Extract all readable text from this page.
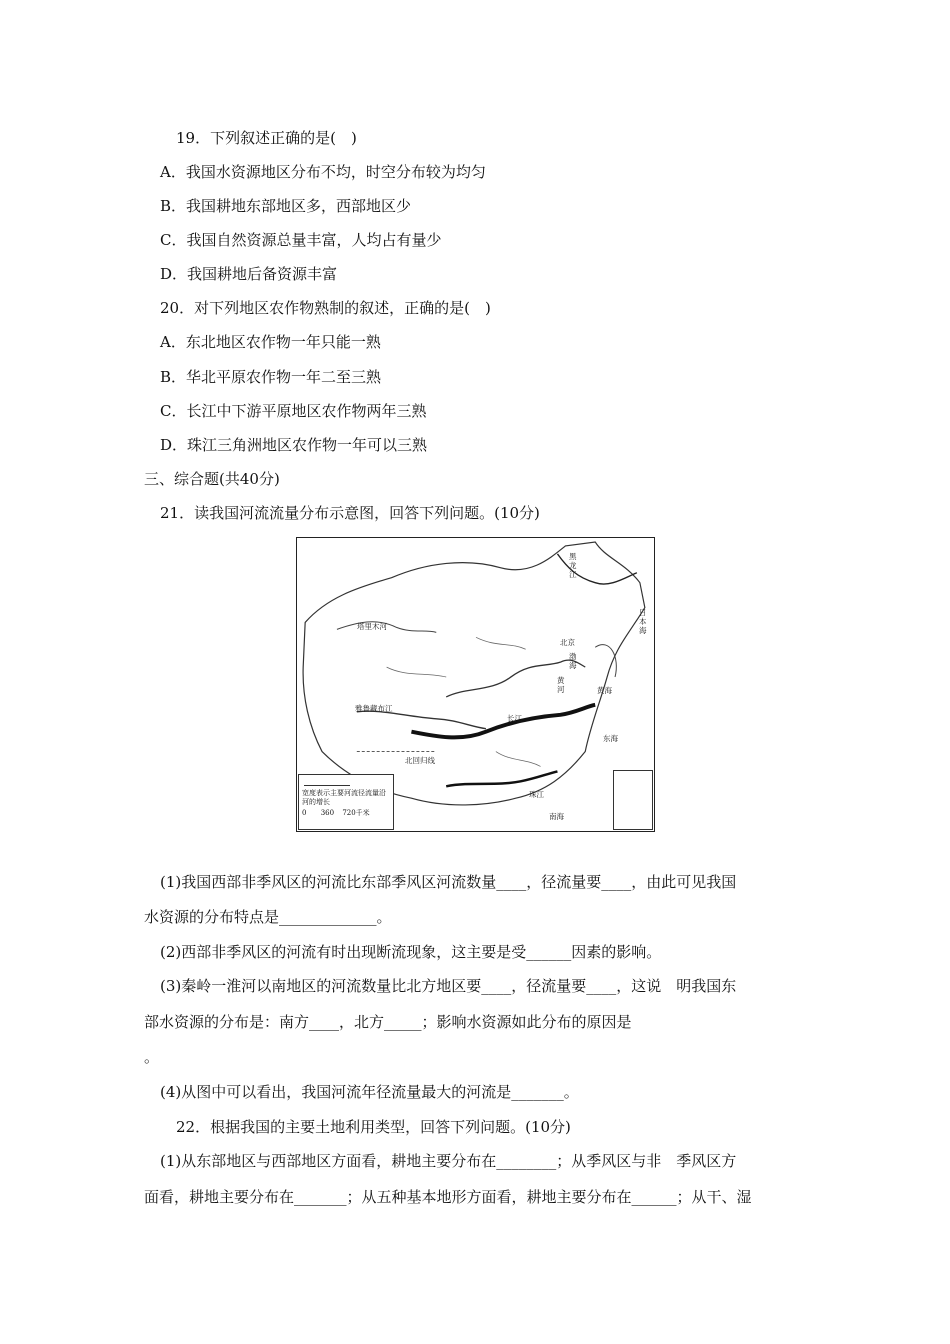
19．下列叙述正确的是(　)
A．我国水资源地区分布不均，时空分布较为均匀
B．我国耕地东部地区多，西部地区少
C．我国自然资源总量丰富，人均占有量少
D．我国耕地后备资源丰富
20．对下列地区农作物熟制的叙述，正确的是(　)
A．东北地区农作物一年只能一熟
B．华北平原农作物一年二至三熟
C．长江中下游平原地区农作物两年三熟
D．珠江三角洲地区农作物一年可以三熟
三、综合题(共40分)
21．读我国河流流量分布示意图，回答下列问题。(10分)
黑龙江
塔里木河
北京
渤海
黄河	黄海
雅鲁藏布江
长江
东海
日本海
北回归线
珠江
南海
宽度表示主要河流径流量沿河的增长
0 360 720千米
(1)我国西部非季风区的河流比东部季风区河流数量____，径流量要____，由此可见我国
水资源的分布特点是_____________。
(2)西部非季风区的河流有时出现断流现象，这主要是受______因素的影响。
(3)秦岭一淮河以南地区的河流数量比北方地区要____，径流量要____，这说　明我国东
部水资源的分布是：南方____，北方_____；影响水资源如此分布的原因是
。
(4)从图中可以看出，我国河流年径流量最大的河流是_______。
22．根据我国的主要土地利用类型，回答下列问题。(10分)
(1)从东部地区与西部地区方面看，耕地主要分布在________；从季风区与非　季风区方
面看，耕地主要分布在_______；从五种基本地形方面看，耕地主要分布在______；从干、湿
